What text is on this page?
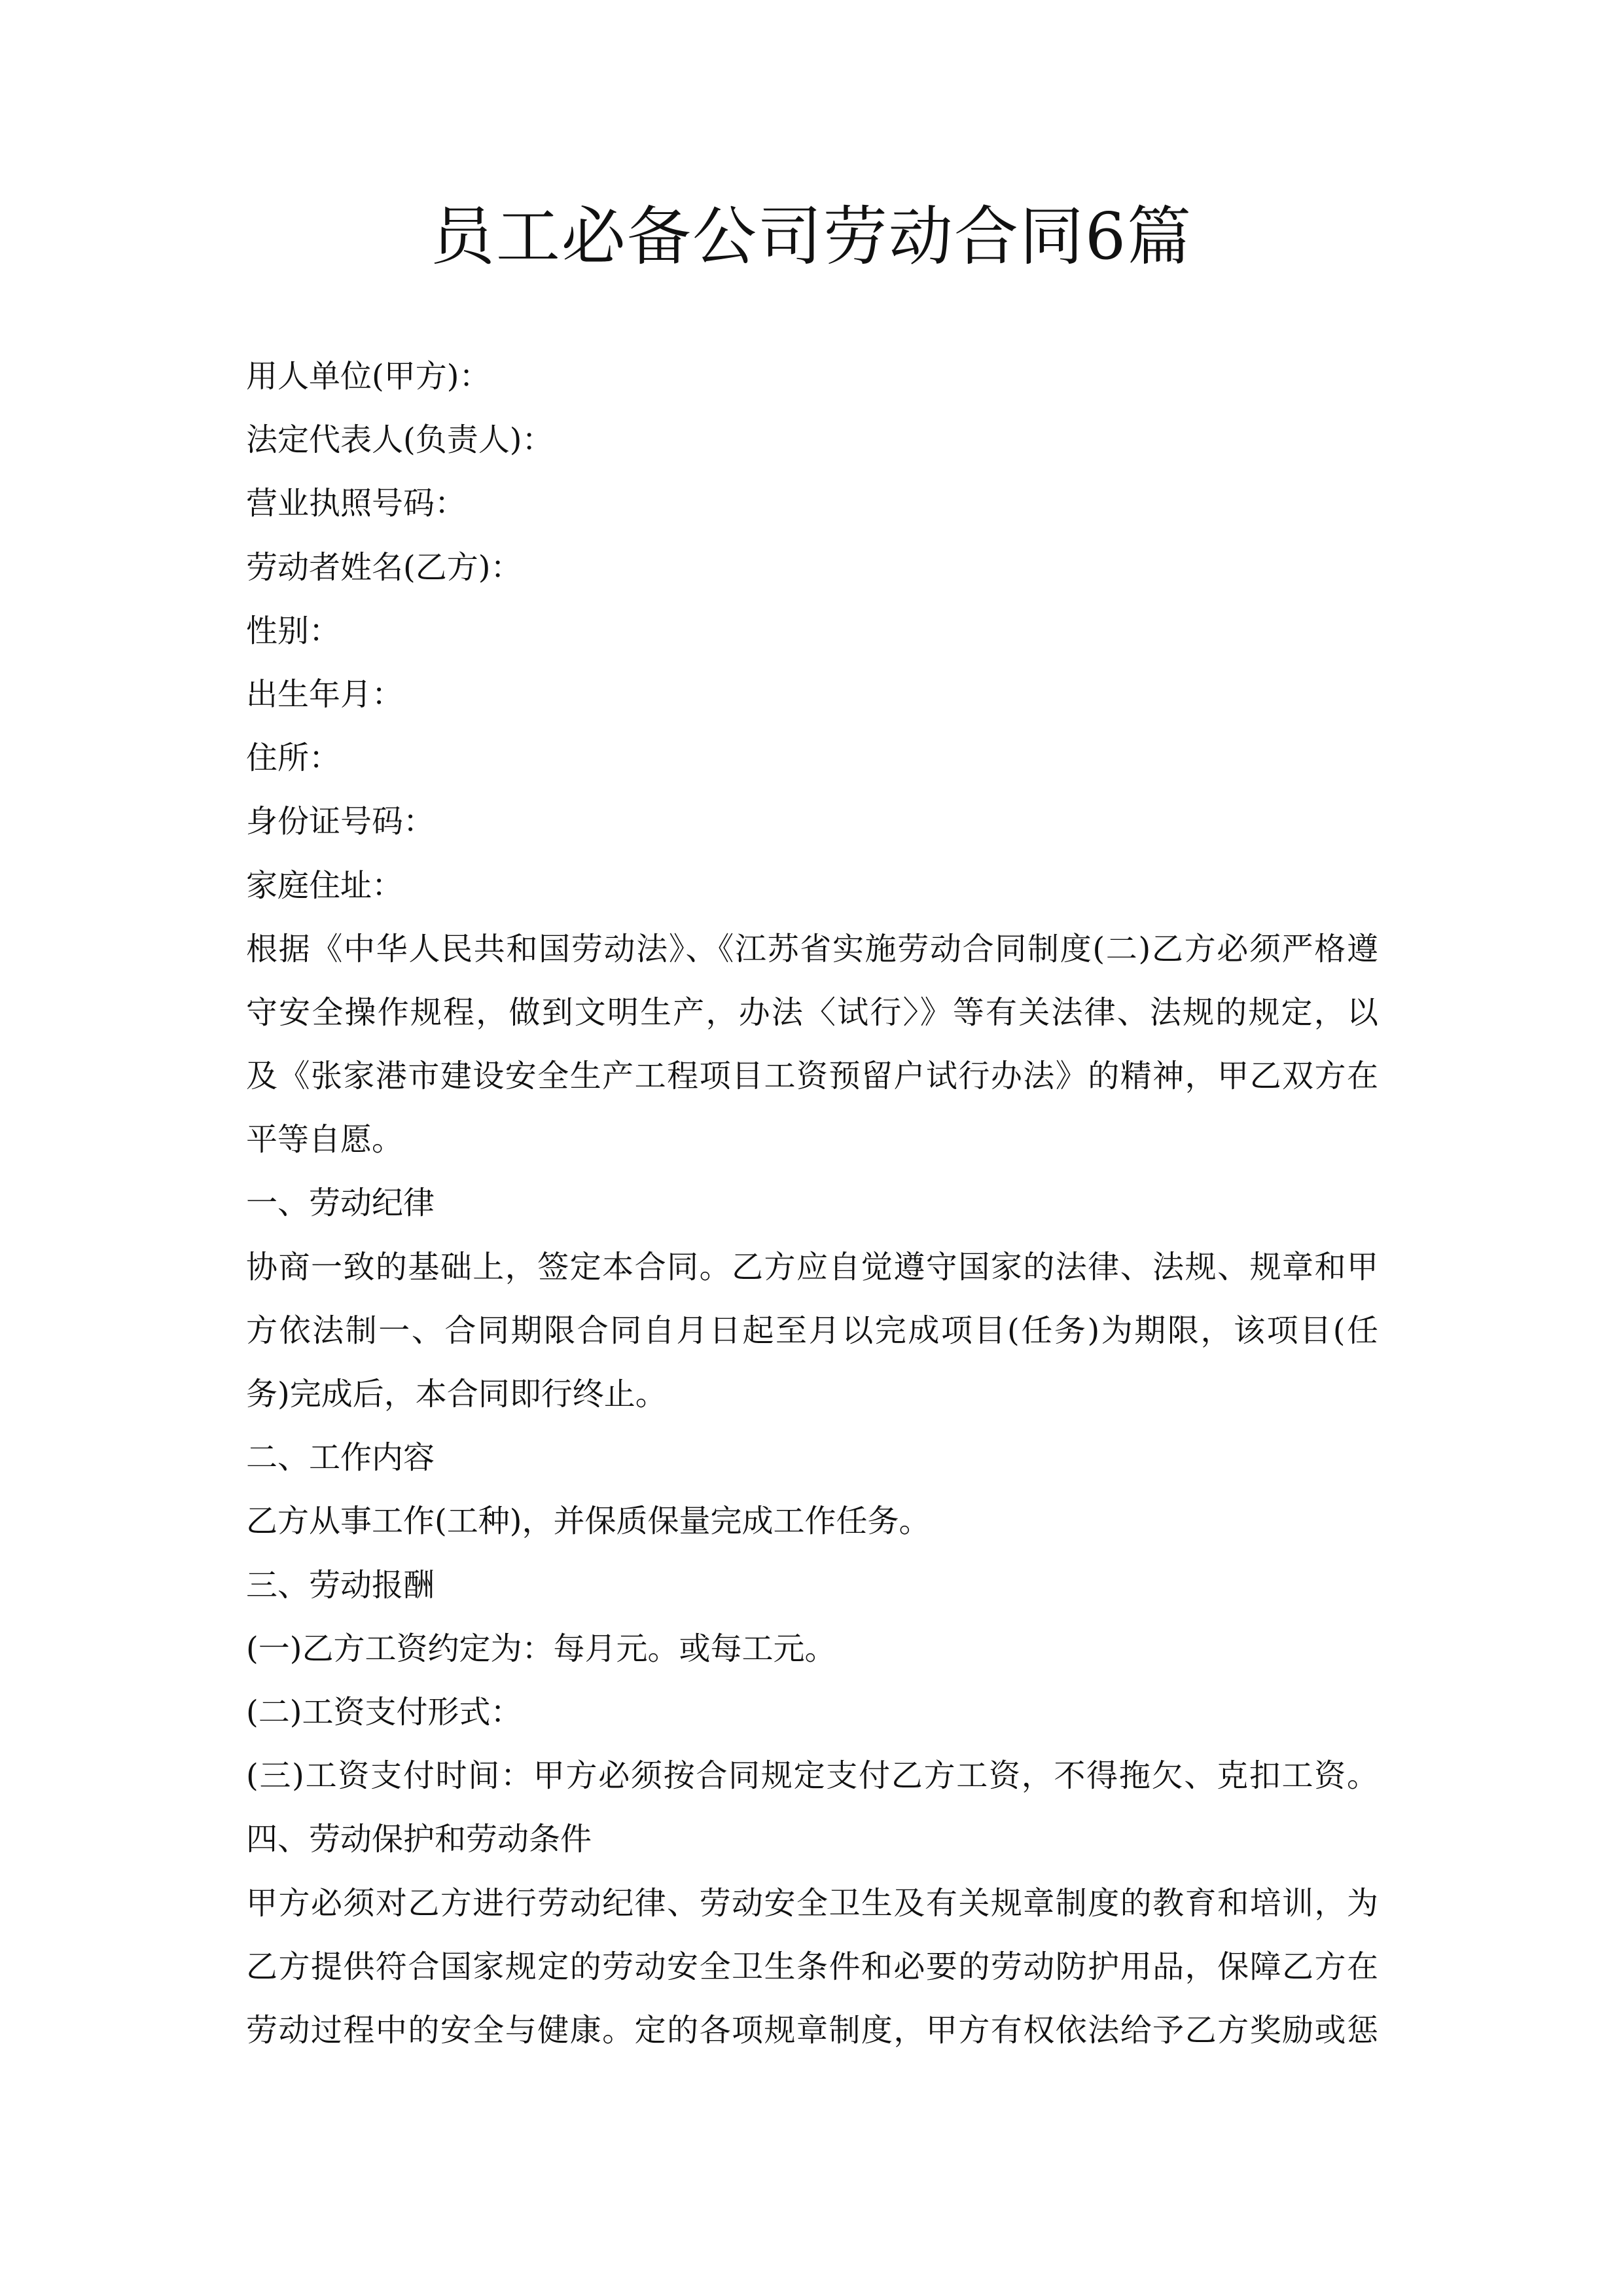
员工必备公司劳动合同6篇
用人单位(甲方)：
法定代表人(负责人)：
营业执照号码：
劳动者姓名(乙方)：
性别：
出生年月：
住所：
身份证号码：
家庭住址：
根据《中华人民共和国劳动法》、《江苏省实施劳动合同制度(二)乙方必须严格遵
守安全操作规程，做到文明生产，办法〈试行〉》等有关法律、法规的规定，以
及《张家港市建设安全生产工程项目工资预留户试行办法》的精神，甲乙双方在
平等自愿。
一、劳动纪律
协商一致的基础上，签定本合同。乙方应自觉遵守国家的法律、法规、规章和甲
方依法制一、合同期限合同自月日起至月以完成项目(任务)为期限，该项目(任
务)完成后，本合同即行终止。
二、工作内容
乙方从事工作(工种)，并保质保量完成工作任务。
三、劳动报酬
(一)乙方工资约定为：每月元。或每工元。
(二)工资支付形式：
(三)工资支付时间：甲方必须按合同规定支付乙方工资，不得拖欠、克扣工资。
四、劳动保护和劳动条件
甲方必须对乙方进行劳动纪律、劳动安全卫生及有关规章制度的教育和培训，为
乙方提供符合国家规定的劳动安全卫生条件和必要的劳动防护用品，保障乙方在
劳动过程中的安全与健康。定的各项规章制度，甲方有权依法给予乙方奖励或惩
